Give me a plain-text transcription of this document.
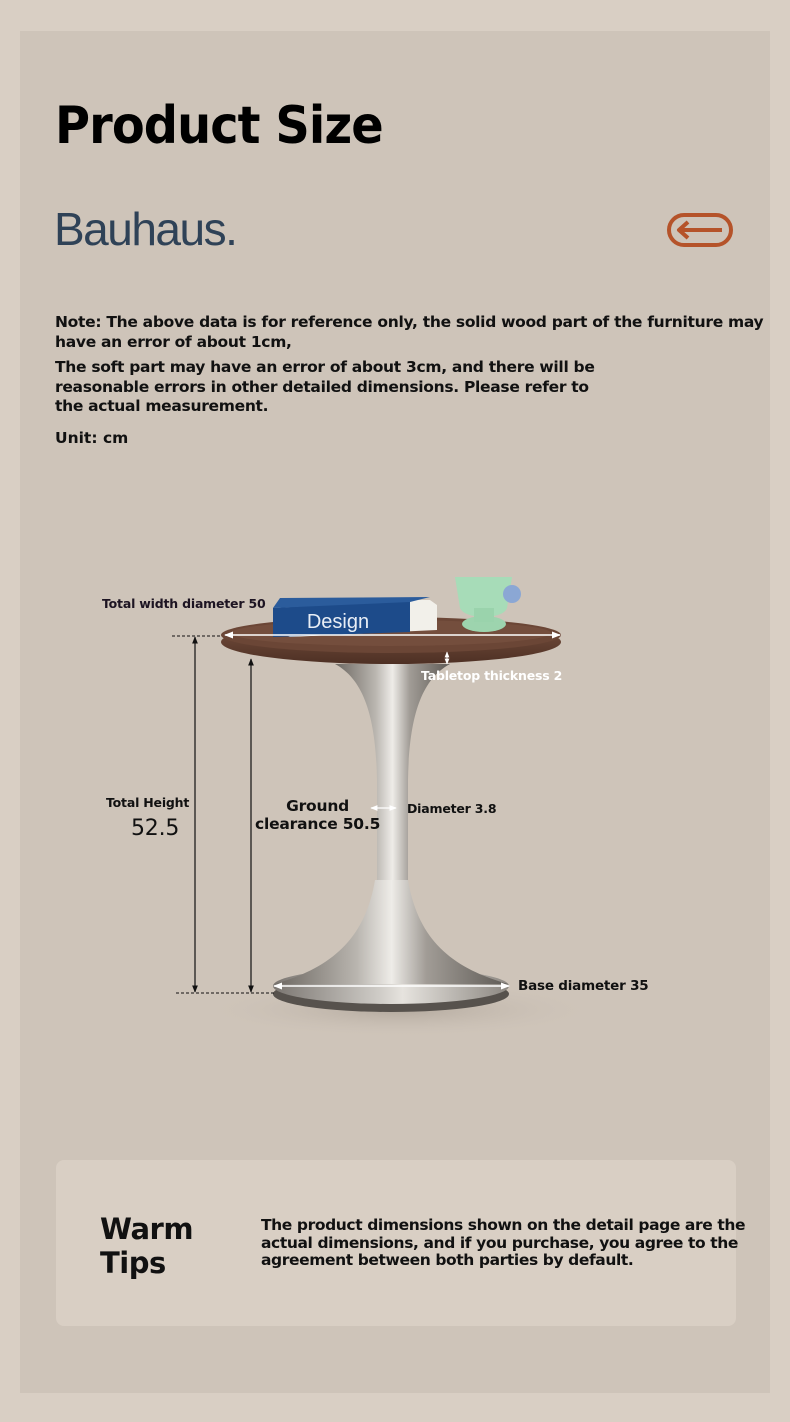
Product Size
Bauhaus.

Note: The above data is for reference only, the solid wood part of the furniture may have an error of about 1cm,

The soft part may have an error of about 3cm, and there will be reasonable errors in other detailed dimensions. Please refer to the actual measurement.

Unit: cm
Design
Total width diameter 50
Tabletop thickness 2
Total Height
52.5
Ground
clearance 50.5
Diameter 3.8
Base diameter 35
Warm
Tips
The product dimensions shown on the detail page are the actual dimensions, and if you purchase, you agree to the agreement between both parties by default.
